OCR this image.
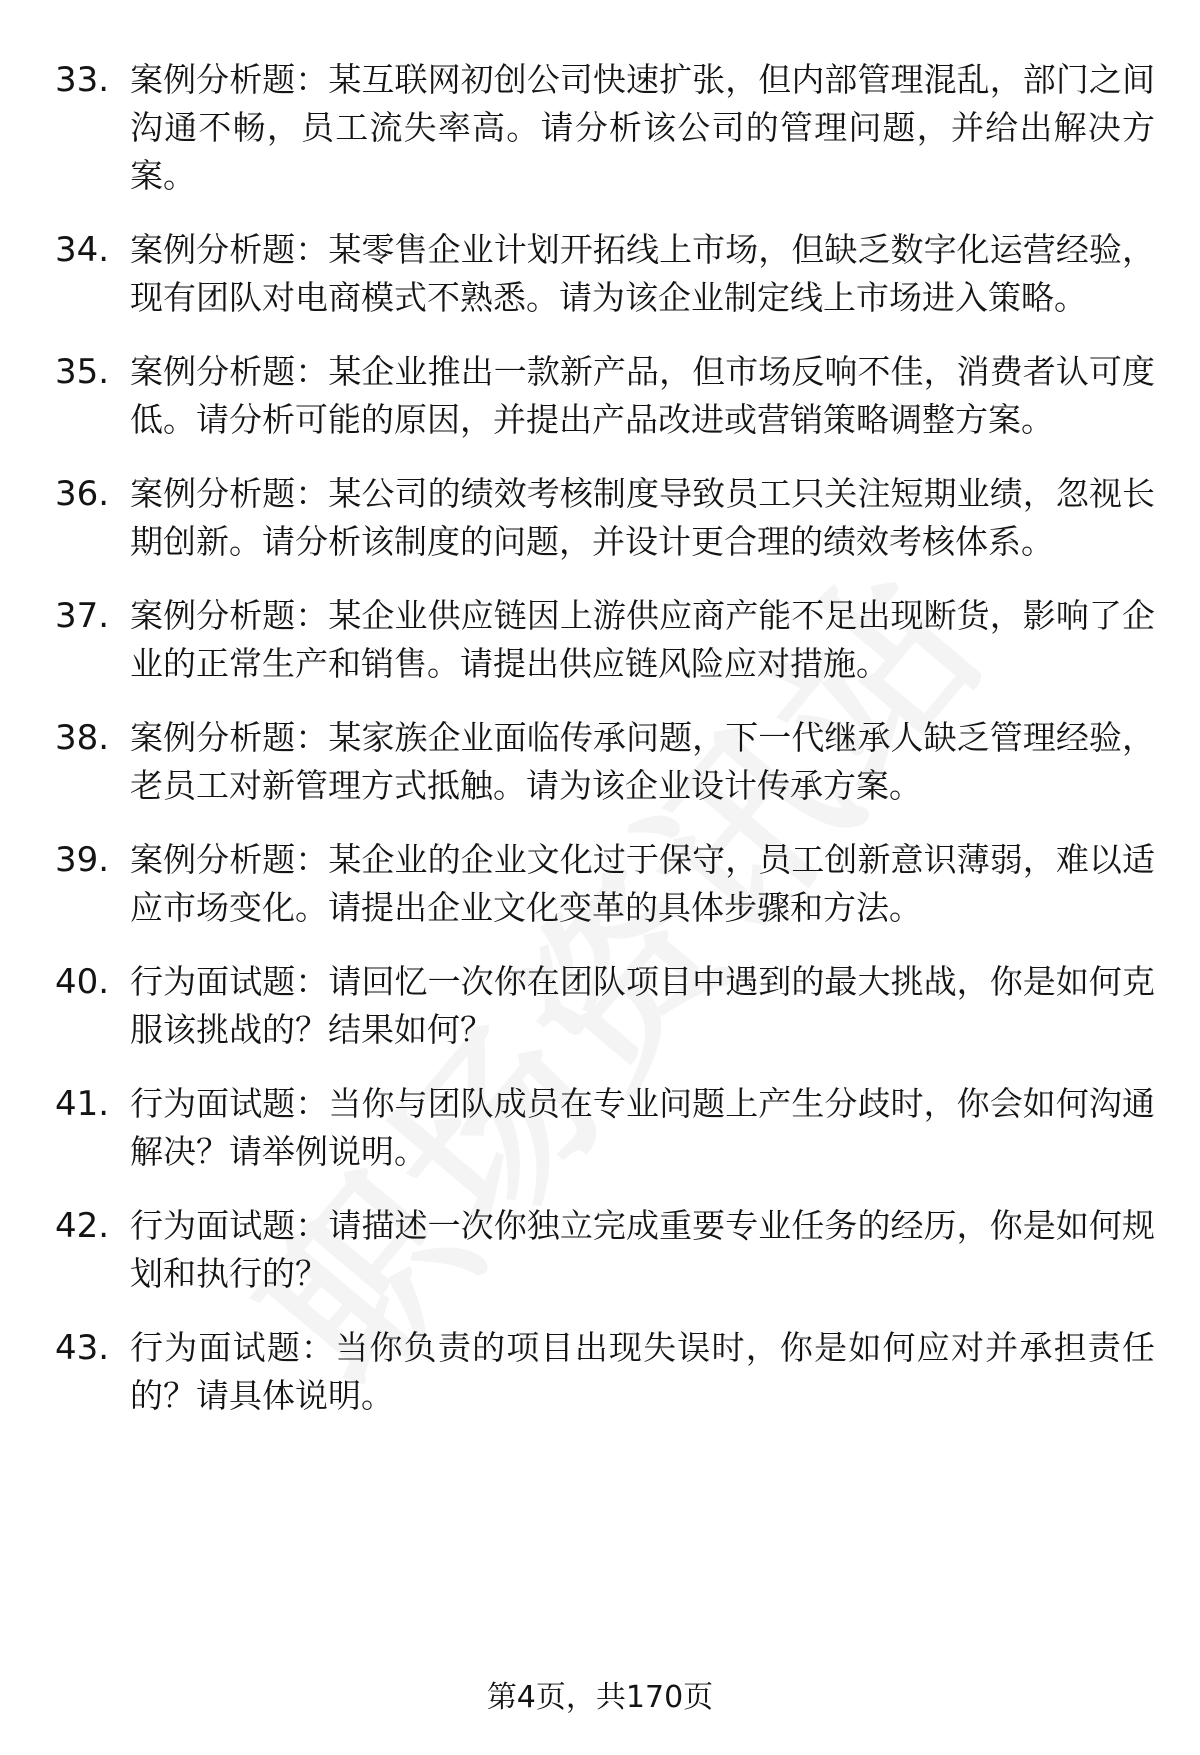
33. 案例分析题：某互联网初创公司快速扩张，但内部管理混乱，部门之间沟通不畅，员工流失率高。请分析该公司的管理问题，并给出解决方案。
34. 案例分析题：某零售企业计划开拓线上市场，但缺乏数字化运营经验，现有团队对电商模式不熟悉。请为该企业制定线上市场进入策略。
35. 案例分析题：某企业推出一款新产品，但市场反响不佳，消费者认可度低。请分析可能的原因，并提出产品改进或营销策略调整方案。
36. 案例分析题：某公司的绩效考核制度导致员工只关注短期业绩，忽视长期创新。请分析该制度的问题，并设计更合理的绩效考核体系。
37. 案例分析题：某企业供应链因上游供应商产能不足出现断货，影响了企业的正常生产和销售。请提出供应链风险应对措施。
38. 案例分析题：某家族企业面临传承问题，下一代继承人缺乏管理经验，老员工对新管理方式抵触。请为该企业设计传承方案。
39. 案例分析题：某企业的企业文化过于保守，员工创新意识薄弱，难以适应市场变化。请提出企业文化变革的具体步骤和方法。
40. 行为面试题：请回忆一次你在团队项目中遇到的最大挑战，你是如何克服该挑战的？结果如何？
41. 行为面试题：当你与团队成员在专业问题上产生分歧时，你会如何沟通解决？请举例说明。
42. 行为面试题：请描述一次你独立完成重要专业任务的经历，你是如何规划和执行的？
43. 行为面试题：当你负责的项目出现失误时，你是如何应对并承担责任的？请具体说明。
第4页，共170页
